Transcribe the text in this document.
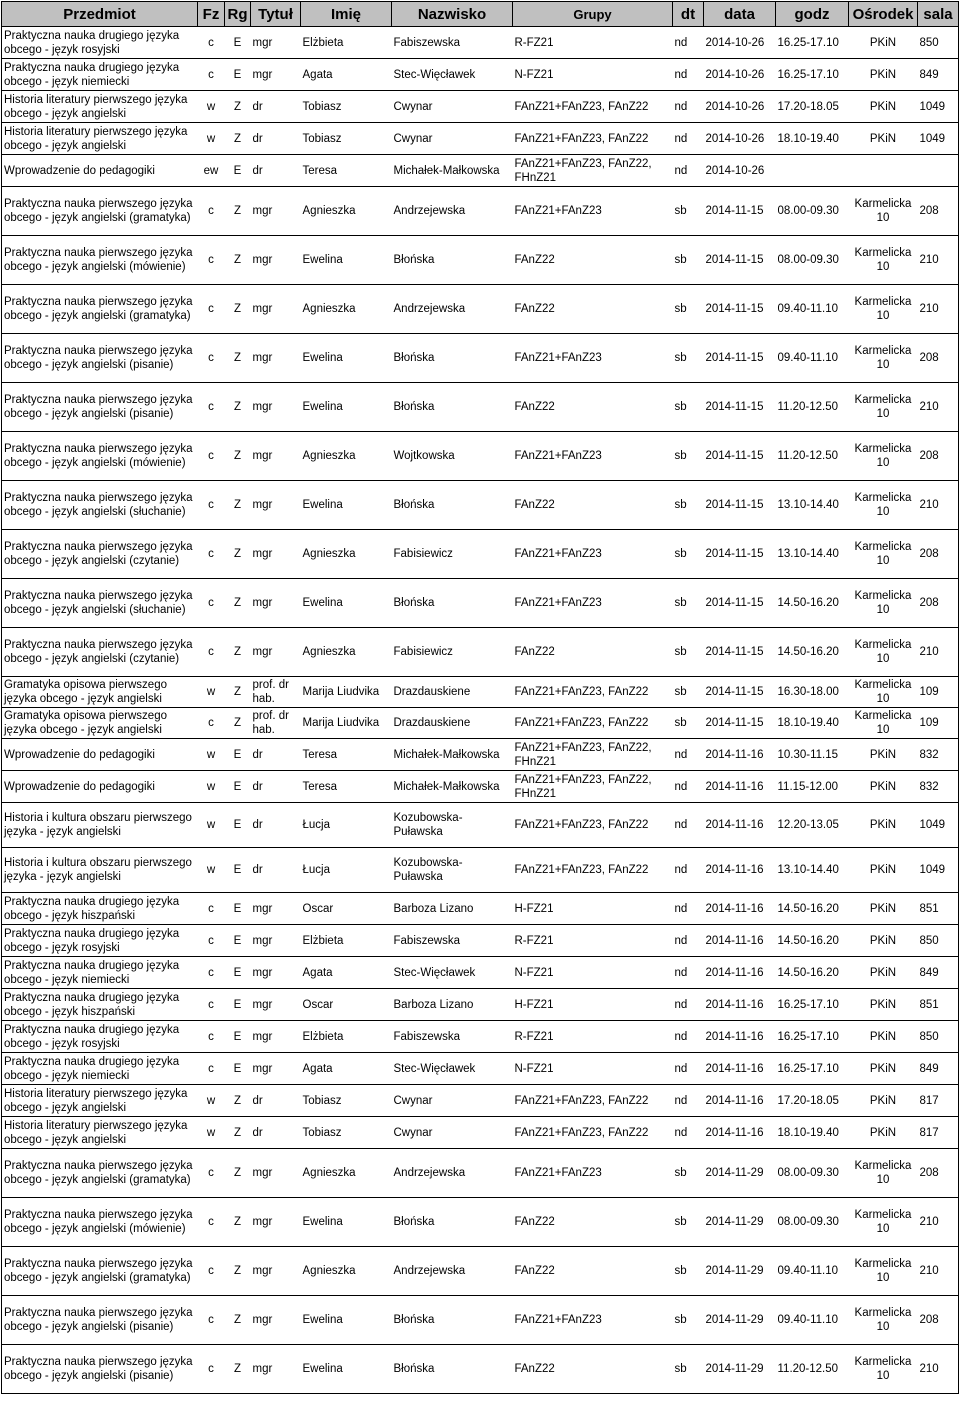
Przedmiot	Fz	Rg	Tytuł	Imię	Nazwisko	Grupy	dt	data	godz	Ośrodek	sala
Praktyczna nauka drugiego języka obcego - język rosyjski	c	E	mgr	Elżbieta	Fabiszewska	R-FZ21	nd	2014-10-26	16.25-17.10	PKiN	850
Praktyczna nauka drugiego języka obcego - język niemiecki	c	E	mgr	Agata	Stec-Więcławek	N-FZ21	nd	2014-10-26	16.25-17.10	PKiN	849
Historia literatury pierwszego języka obcego - język angielski	w	Z	dr	Tobiasz	Cwynar	FAnZ21+FAnZ23, FAnZ22	nd	2014-10-26	17.20-18.05	PKiN	1049
Historia literatury pierwszego języka obcego - język angielski	w	Z	dr	Tobiasz	Cwynar	FAnZ21+FAnZ23, FAnZ22	nd	2014-10-26	18.10-19.40	PKiN	1049
Wprowadzenie do pedagogiki	ew	E	dr	Teresa	Michałek-Małkowska	FAnZ21+FAnZ23, FAnZ22, FHnZ21	nd	2014-10-26			
Praktyczna nauka pierwszego języka obcego - język angielski (gramatyka)	c	Z	mgr	Agnieszka	Andrzejewska	FAnZ21+FAnZ23	sb	2014-11-15	08.00-09.30	Karmelicka 10	208
Praktyczna nauka pierwszego języka obcego - język angielski (mówienie)	c	Z	mgr	Ewelina	Błońska	FAnZ22	sb	2014-11-15	08.00-09.30	Karmelicka 10	210
Praktyczna nauka pierwszego języka obcego - język angielski (gramatyka)	c	Z	mgr	Agnieszka	Andrzejewska	FAnZ22	sb	2014-11-15	09.40-11.10	Karmelicka 10	210
Praktyczna nauka pierwszego języka obcego - język angielski (pisanie)	c	Z	mgr	Ewelina	Błońska	FAnZ21+FAnZ23	sb	2014-11-15	09.40-11.10	Karmelicka 10	208
Praktyczna nauka pierwszego języka obcego - język angielski (pisanie)	c	Z	mgr	Ewelina	Błońska	FAnZ22	sb	2014-11-15	11.20-12.50	Karmelicka 10	210
Praktyczna nauka pierwszego języka obcego - język angielski (mówienie)	c	Z	mgr	Agnieszka	Wojtkowska	FAnZ21+FAnZ23	sb	2014-11-15	11.20-12.50	Karmelicka 10	208
Praktyczna nauka pierwszego języka obcego - język angielski (słuchanie)	c	Z	mgr	Ewelina	Błońska	FAnZ22	sb	2014-11-15	13.10-14.40	Karmelicka 10	210
Praktyczna nauka pierwszego języka obcego - język angielski (czytanie)	c	Z	mgr	Agnieszka	Fabisiewicz	FAnZ21+FAnZ23	sb	2014-11-15	13.10-14.40	Karmelicka 10	208
Praktyczna nauka pierwszego języka obcego - język angielski (słuchanie)	c	Z	mgr	Ewelina	Błońska	FAnZ21+FAnZ23	sb	2014-11-15	14.50-16.20	Karmelicka 10	208
Praktyczna nauka pierwszego języka obcego - język angielski (czytanie)	c	Z	mgr	Agnieszka	Fabisiewicz	FAnZ22	sb	2014-11-15	14.50-16.20	Karmelicka 10	210
Gramatyka opisowa pierwszego języka obcego - język angielski	w	Z	prof. dr hab.	Marija Liudvika	Drazdauskiene	FAnZ21+FAnZ23, FAnZ22	sb	2014-11-15	16.30-18.00	Karmelicka 10	109
Gramatyka opisowa pierwszego języka obcego - język angielski	c	Z	prof. dr hab.	Marija Liudvika	Drazdauskiene	FAnZ21+FAnZ23, FAnZ22	sb	2014-11-15	18.10-19.40	Karmelicka 10	109
Wprowadzenie do pedagogiki	w	E	dr	Teresa	Michałek-Małkowska	FAnZ21+FAnZ23, FAnZ22, FHnZ21	nd	2014-11-16	10.30-11.15	PKiN	832
Wprowadzenie do pedagogiki	w	E	dr	Teresa	Michałek-Małkowska	FAnZ21+FAnZ23, FAnZ22, FHnZ21	nd	2014-11-16	11.15-12.00	PKiN	832
Historia i kultura obszaru pierwszego języka - język angielski	w	E	dr	Łucja	Kozubowska-Puławska	FAnZ21+FAnZ23, FAnZ22	nd	2014-11-16	12.20-13.05	PKiN	1049
Historia i kultura obszaru pierwszego języka - język angielski	w	E	dr	Łucja	Kozubowska-Puławska	FAnZ21+FAnZ23, FAnZ22	nd	2014-11-16	13.10-14.40	PKiN	1049
Praktyczna nauka drugiego języka obcego - język hiszpański	c	E	mgr	Oscar	Barboza Lizano	H-FZ21	nd	2014-11-16	14.50-16.20	PKiN	851
Praktyczna nauka drugiego języka obcego - język rosyjski	c	E	mgr	Elżbieta	Fabiszewska	R-FZ21	nd	2014-11-16	14.50-16.20	PKiN	850
Praktyczna nauka drugiego języka obcego - język niemiecki	c	E	mgr	Agata	Stec-Więcławek	N-FZ21	nd	2014-11-16	14.50-16.20	PKiN	849
Praktyczna nauka drugiego języka obcego - język hiszpański	c	E	mgr	Oscar	Barboza Lizano	H-FZ21	nd	2014-11-16	16.25-17.10	PKiN	851
Praktyczna nauka drugiego języka obcego - język rosyjski	c	E	mgr	Elżbieta	Fabiszewska	R-FZ21	nd	2014-11-16	16.25-17.10	PKiN	850
Praktyczna nauka drugiego języka obcego - język niemiecki	c	E	mgr	Agata	Stec-Więcławek	N-FZ21	nd	2014-11-16	16.25-17.10	PKiN	849
Historia literatury pierwszego języka obcego - język angielski	w	Z	dr	Tobiasz	Cwynar	FAnZ21+FAnZ23, FAnZ22	nd	2014-11-16	17.20-18.05	PKiN	817
Historia literatury pierwszego języka obcego - język angielski	w	Z	dr	Tobiasz	Cwynar	FAnZ21+FAnZ23, FAnZ22	nd	2014-11-16	18.10-19.40	PKiN	817
Praktyczna nauka pierwszego języka obcego - język angielski (gramatyka)	c	Z	mgr	Agnieszka	Andrzejewska	FAnZ21+FAnZ23	sb	2014-11-29	08.00-09.30	Karmelicka 10	208
Praktyczna nauka pierwszego języka obcego - język angielski (mówienie)	c	Z	mgr	Ewelina	Błońska	FAnZ22	sb	2014-11-29	08.00-09.30	Karmelicka 10	210
Praktyczna nauka pierwszego języka obcego - język angielski (gramatyka)	c	Z	mgr	Agnieszka	Andrzejewska	FAnZ22	sb	2014-11-29	09.40-11.10	Karmelicka 10	210
Praktyczna nauka pierwszego języka obcego - język angielski (pisanie)	c	Z	mgr	Ewelina	Błońska	FAnZ21+FAnZ23	sb	2014-11-29	09.40-11.10	Karmelicka 10	208
Praktyczna nauka pierwszego języka obcego - język angielski (pisanie)	c	Z	mgr	Ewelina	Błońska	FAnZ22	sb	2014-11-29	11.20-12.50	Karmelicka 10	210
